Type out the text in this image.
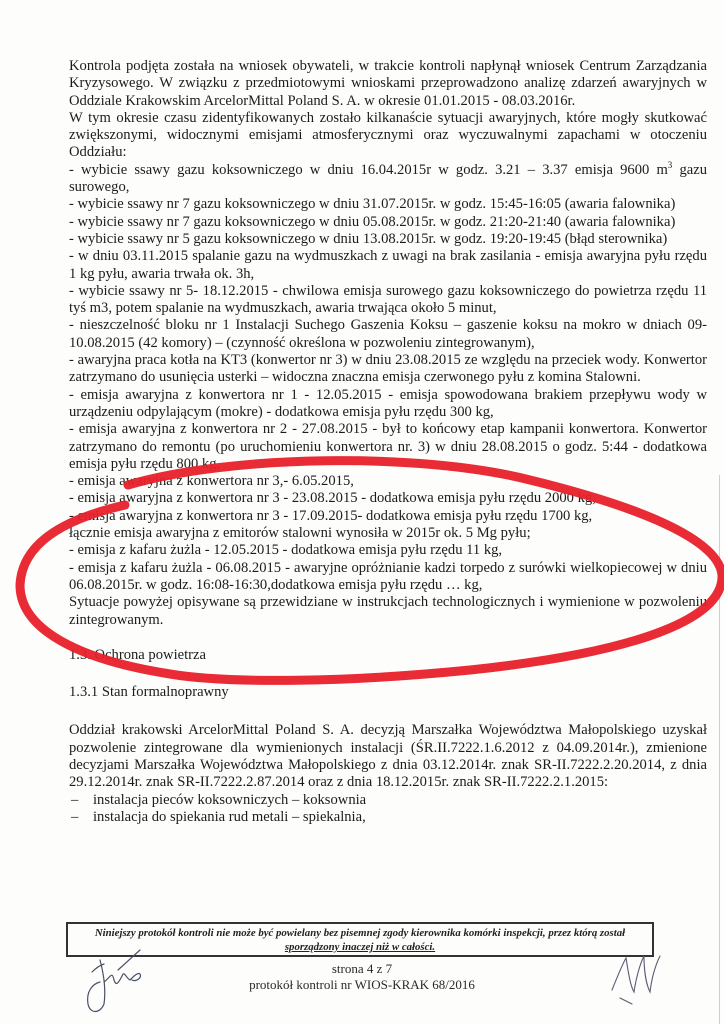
Kontrola podjęta została na wniosek obywateli, w trakcie kontroli napłynął wniosek Centrum Zarządzania Kryzysowego. W związku z przedmiotowymi wnioskami przeprowadzono analizę zdarzeń awaryjnych w Oddziale Krakowskim ArcelorMittal Poland S. A. w okresie 01.01.2015 - 08.03.2016r.

W tym okresie czasu zidentyfikowanych zostało kilkanaście sytuacji awaryjnych, które mogły skutkować zwiększonymi, widocznymi emisjami atmosferycznymi oraz wyczuwalnymi zapachami w otoczeniu Oddziału:

- wybicie ssawy gazu koksowniczego w dniu 16.04.2015r w godz. 3.21 – 3.37 emisja 9600 $m^3$ gazu surowego,

- wybicie ssawy nr 7 gazu koksowniczego w dniu 31.07.2015r. w godz. 15:45-16:05 (awaria falownika)

- wybicie ssawy nr 7 gazu koksowniczego w dniu 05.08.2015r. w godz. 21:20-21:40 (awaria falownika)

- wybicie ssawy nr 5 gazu koksowniczego w dniu 13.08.2015r. w godz. 19:20-19:45 (błąd sterownika)

- w dniu 03.11.2015 spalanie gazu na wydmuszkach z uwagi na brak zasilania - emisja awaryjna pyłu rzędu 1 kg pyłu, awaria trwała ok. 3h,

- wybicie ssawy nr 5- 18.12.2015 - chwilowa emisja surowego gazu koksowniczego do powietrza rzędu 11 tyś m3, potem spalanie na wydmuszkach, awaria trwająca około 5 minut,

- nieszczelność bloku nr 1 Instalacji Suchego Gaszenia Koksu – gaszenie koksu na mokro w dniach 09-10.08.2015 (42 komory) – (czynność określona w pozwoleniu zintegrowanym),

- awaryjna praca kotła na KT3 (konwertor nr 3) w dniu 23.08.2015 ze względu na przeciek wody. Konwertor zatrzymano do usunięcia usterki – widoczna znaczna emisja czerwonego pyłu z komina Stalowni.

- emisja awaryjna z konwertora nr 1 - 12.05.2015 - emisja spowodowana brakiem przepływu wody w urządzeniu odpylającym (mokre) - dodatkowa emisja pyłu rzędu 300 kg,

- emisja awaryjna z konwertora nr 2 - 27.08.2015 - był to końcowy etap kampanii konwertora. Konwertor zatrzymano do remontu (po uruchomieniu konwertora nr. 3) w dniu 28.08.2015 o godz. 5:44 - dodatkowa emisja pyłu rzędu 800 kg,

- emisja awaryjna z konwertora nr 3,- 6.05.2015,

- emisja awaryjna z konwertora nr 3 - 23.08.2015 - dodatkowa emisja pyłu rzędu 2000 kg,

- emisja awaryjna z konwertora nr 3 - 17.09.2015- dodatkowa emisja pyłu rzędu 1700 kg,

łącznie emisja awaryjna z emitorów stalowni wynosiła w 2015r ok. 5 Mg pyłu;

- emisja z kafaru żużla - 12.05.2015 - dodatkowa emisja pyłu rzędu 11 kg,

- emisja z kafaru żużla - 06.08.2015 - awaryjne opróżnianie kadzi torpedo z surówki wielkopiecowej w dniu 06.08.2015r. w godz. 16:08-16:30,dodatkowa emisja pyłu rzędu … kg,

Sytuacje powyżej opisywane są przewidziane w instrukcjach technologicznych i wymienione w pozwoleniu zintegrowanym.

1.3. Ochrona powietrza

1.3.1 Stan formalnoprawny

Oddział krakowski ArcelorMittal Poland S. A. decyzją Marszałka Województwa Małopolskiego uzyskał pozwolenie zintegrowane dla wymienionych instalacji (ŚR.II.7222.1.6.2012 z 04.09.2014r.), zmienione decyzjami Marszałka Województwa Małopolskiego z dnia 03.12.2014r. znak SR-II.7222.2.20.2014, z dnia 29.12.2014r. znak SR-II.7222.2.87.2014 oraz z dnia 18.12.2015r. znak SR-II.7222.2.1.2015:

– instalacja pieców koksowniczych – koksownia
– instalacja do spiekania rud metali – spiekalnia,
Niniejszy protokół kontroli nie może być powielany bez pisemnej zgody kierownika komórki inspekcji, przez którą został
sporządzony inaczej niż w całości.
strona 4 z 7
protokół kontroli nr WIOS-KRAK 68/2016
